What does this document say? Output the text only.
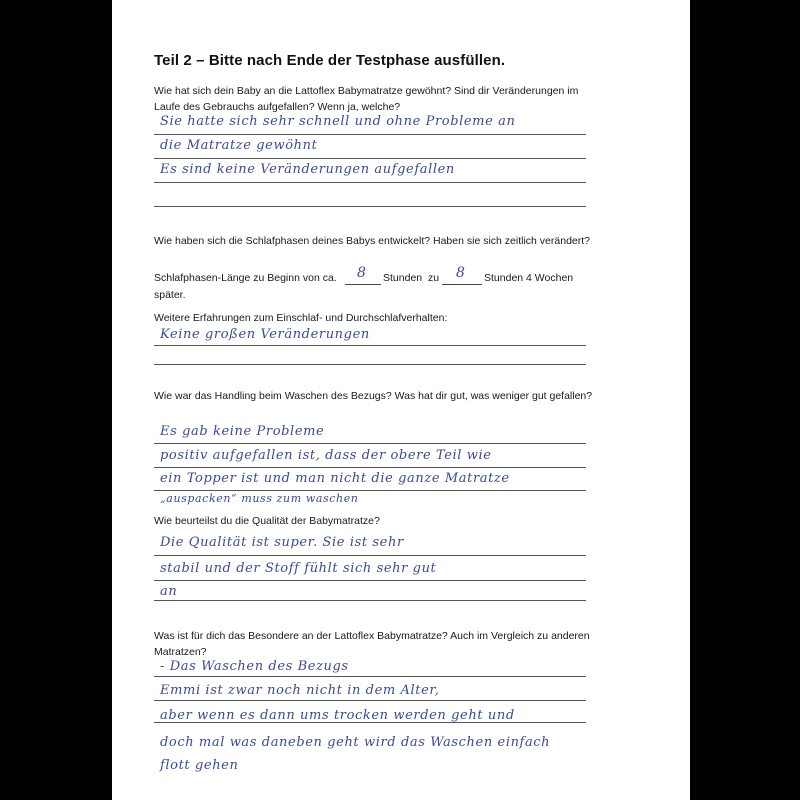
Teil 2 – Bitte nach Ende der Testphase ausfüllen.
Wie hat sich dein Baby an die Lattoflex Babymatratze gewöhnt? Sind dir Veränderungen im Laufe des Gebrauchs aufgefallen? Wenn ja, welche?
Sie hatte sich sehr schnell und ohne Probleme an
die Matratze gewöhnt
Es sind keine Veränderungen aufgefallen
Wie haben sich die Schlafphasen deines Babys entwickelt? Haben sie sich zeitlich verändert?
Schlafphasen-Länge zu Beginn von ca. 8 Stunden zu 8 Stunden 4 Wochen
später.
Weitere Erfahrungen zum Einschlaf- und Durchschlafverhalten:
Keine großen Veränderungen
Wie war das Handling beim Waschen des Bezugs? Was hat dir gut, was weniger gut gefallen?
Es gab keine Probleme
positiv aufgefallen ist, dass der obere Teil wie
ein Topper ist und man nicht die ganze Matratze
„auspacken“ muss zum waschen
Wie beurteilst du die Qualität der Babymatratze?
Die Qualität ist super. Sie ist sehr
stabil und der Stoff fühlt sich sehr gut
an
Was ist für dich das Besondere an der Lattoflex Babymatratze? Auch im Vergleich zu anderen Matratzen?
- Das Waschen des Bezugs
Emmi ist zwar noch nicht in dem Alter,
aber wenn es dann ums trocken werden geht und
doch mal was daneben geht wird das Waschen einfach
flott gehen
